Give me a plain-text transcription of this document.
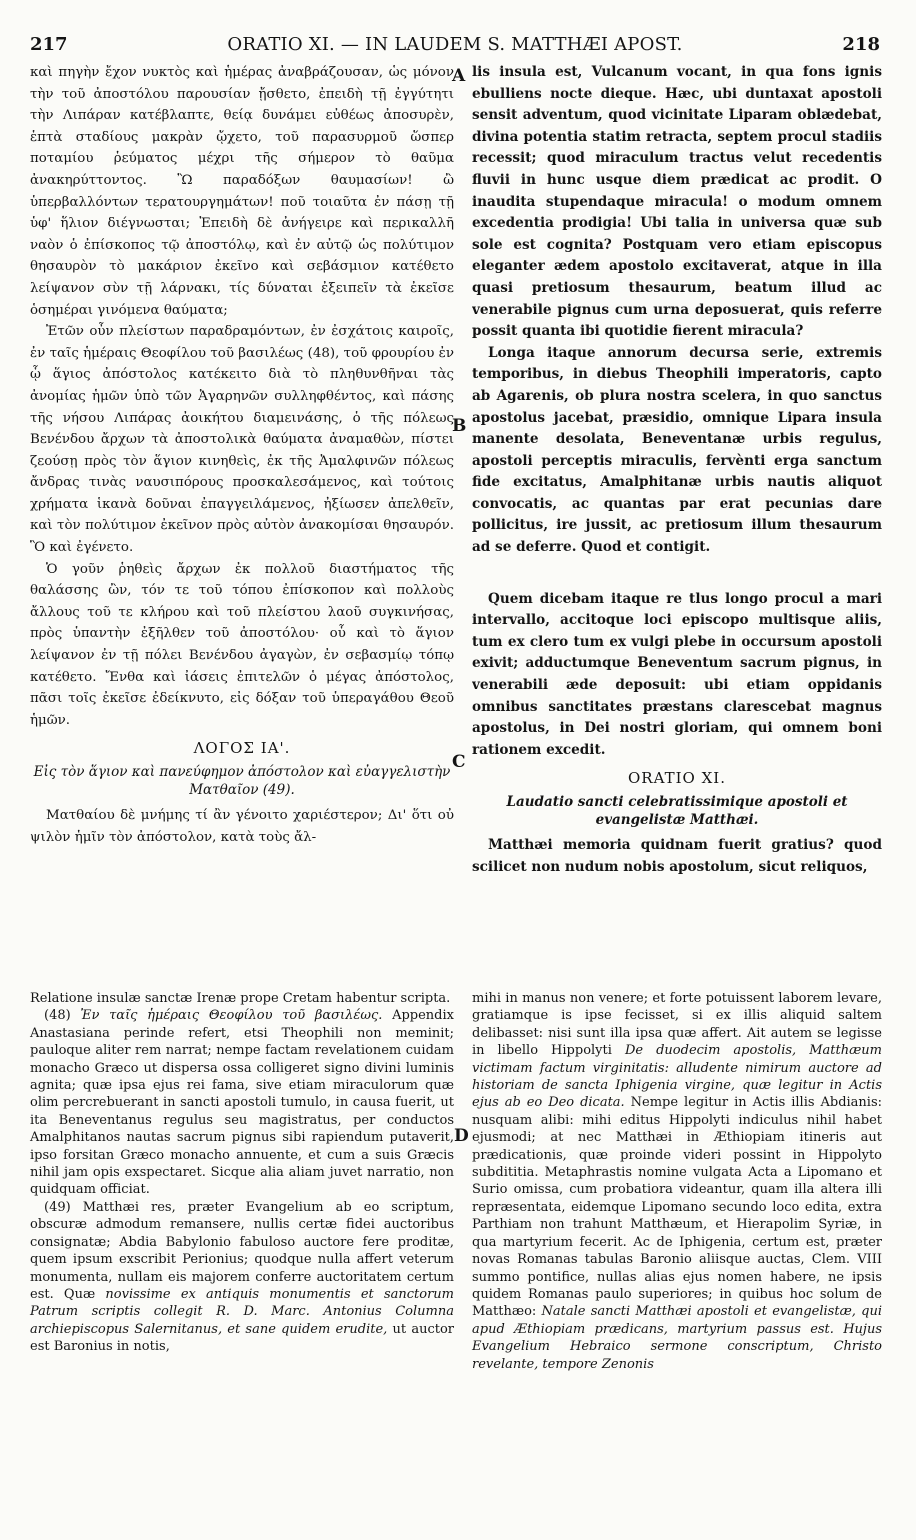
217	ORATIO XI. — IN LAUDEM S. MATTHÆI APOST.	218
A
B
C
D

καὶ πηγὴν ἔχον νυκτὸς καὶ ἡμέρας ἀναβράζουσαν, ὡς μόνον τὴν τοῦ ἀποστόλου παρουσίαν ᾔσθετο, ἐπειδὴ τῇ ἐγγύτητι τὴν Λιπάραν κατέβλαπτε, θείᾳ δυνάμει εὐθέως ἀποσυρὲν, ἑπτὰ σταδίους μακρὰν ᾤχετο, τοῦ παρασυρμοῦ ὥσπερ ποταμίου ῥεύματος μέχρι τῆς σήμερον τὸ θαῦμα ἀνακηρύττοντος. Ὢ παραδόξων θαυμασίων! ὢ ὑπερβαλλόντων τερατουργημάτων! ποῦ τοιαῦτα ἐν πάσῃ τῇ ὑφ' ἥλιον διέγνωσται; Ἐπειδὴ δὲ ἀνήγειρε καὶ περικαλλῆ ναὸν ὁ ἐπίσκοπος τῷ ἀποστόλῳ, καὶ ἐν αὐτῷ ὡς πολύτιμον θησαυρὸν τὸ μακάριον ἐκεῖνο καὶ σεβάσμιον κατέθετο λείψανον σὺν τῇ λάρνακι, τίς δύναται ἐξειπεῖν τὰ ἐκεῖσε ὁσημέραι γινόμενα θαύματα;

Ἐτῶν οὖν πλείστων παραδραμόντων, ἐν ἐσχάτοις καιροῖς, ἐν ταῖς ἡμέραις Θεοφίλου τοῦ βασιλέως (48), τοῦ φρουρίου ἐν ᾧ ἅγιος ἀπόστολος κατέκειτο διὰ τὸ πληθυνθῆναι τὰς ἀνομίας ἡμῶν ὑπὸ τῶν Ἀγαρηνῶν συλληφθέντος, καὶ πάσης τῆς νήσου Λιπάρας ἀοικήτου διαμεινάσης, ὁ τῆς πόλεως Βενένδου ἄρχων τὰ ἀποστολικὰ θαύματα ἀναμαθὼν, πίστει ζεούσῃ πρὸς τὸν ἅγιον κινηθεὶς, ἐκ τῆς Ἀμαλφινῶν πόλεως ἄνδρας τινὰς ναυσιπόρους προσκαλεσάμενος, καὶ τούτοις χρήματα ἱκανὰ δοῦναι ἐπαγγειλάμενος, ἠξίωσεν ἀπελθεῖν, καὶ τὸν πολύτιμον ἐκεῖνον πρὸς αὐτὸν ἀνακομίσαι θησαυρόν. Ὃ καὶ ἐγένετο.

Ὁ γοῦν ῥηθεὶς ἄρχων ἐκ πολλοῦ διαστήματος τῆς θαλάσσης ὢν, τόν τε τοῦ τόπου ἐπίσκοπον καὶ πολλοὺς ἄλλους τοῦ τε κλήρου καὶ τοῦ πλείστου λαοῦ συγκινήσας, πρὸς ὑπαντὴν ἐξῆλθεν τοῦ ἀποστόλου· οὗ καὶ τὸ ἅγιον λείψανον ἐν τῇ πόλει Βενένδου ἀγαγὼν, ἐν σεβασμίῳ τόπῳ κατέθετο. Ἔνθα καὶ ἰάσεις ἐπιτελῶν ὁ μέγας ἀπόστολος, πᾶσι τοῖς ἐκεῖσε ἐδείκνυτο, εἰς δόξαν τοῦ ὑπεραγάθου Θεοῦ ἡμῶν.

ΛΟΓΟΣ ΙΑ'.
Εἰς τὸν ἅγιον καὶ πανεύφημον ἀπόστολον καὶ εὐαγγελιστὴν Ματθαῖον (49).

Ματθαίου δὲ μνήμης τί ἂν γένοιτο χαριέστερον; Δι' ὅτι οὐ ψιλὸν ἡμῖν τὸν ἀπόστολον, κατὰ τοὺς ἄλ-

lis insula est, Vulcanum vocant, in qua fons ignis ebulliens nocte dieque. Hæc, ubi duntaxat apostoli sensit adventum, quod vicinitate Liparam oblædebat, divina potentia statim retracta, septem procul stadiis recessit; quod miraculum tractus velut recedentis fluvii in hunc usque diem prædicat ac prodit. O inaudita stupendaque miracula! o modum omnem excedentia prodigia! Ubi talia in universa quæ sub sole est cognita? Postquam vero etiam episcopus eleganter ædem apostolo excitaverat, atque in illa quasi pretiosum thesaurum, beatum illud ac venerabile pignus cum urna deposuerat, quis referre possit quanta ibi quotidie fierent miracula?

Longa itaque annorum decursa serie, extremis temporibus, in diebus Theophili imperatoris, capto ab Agarenis, ob plura nostra scelera, in quo sanctus apostolus jacebat, præsidio, omnique Lipara insula manente desolata, Beneventanæ urbis regulus, apostoli perceptis miraculis, fervènti erga sanctum fide excitatus, Amalphitanæ urbis nautis aliquot convocatis, ac quantas par erat pecunias dare pollicitus, ire jussit, ac pretiosum illum thesaurum ad se deferre. Quod et contigit.

Quem dicebam itaque re tlus longo procul a mari intervallo, accitoque loci episcopo multisque aliis, tum ex clero tum ex vulgi plebe in occursum apostoli exivit; adductumque Beneventum sacrum pignus, in venerabili æde deposuit: ubi etiam oppidanis omnibus sanctitates præstans clarescebat magnus apostolus, in Dei nostri gloriam, qui omnem boni rationem excedit.

ORATIO XI.
Laudatio sancti celebratissimique apostoli et evangelistæ Matthæi.

Matthæi memoria quidnam fuerit gratius? quod scilicet non nudum nobis apostolum, sicut reliquos,

Relatione insulæ sanctæ Irenæ prope Cretam habentur scripta.

(48) Ἐν ταῖς ἡμέραις Θεοφίλου τοῦ βασιλέως. Appendix Anastasiana perinde refert, etsi Theophili non meminit; pauloque aliter rem narrat; nempe factam revelationem cuidam monacho Græco ut dispersa ossa colligeret signo divini luminis agnita; quæ ipsa ejus rei fama, sive etiam miraculorum quæ olim percrebuerant in sancti apostoli tumulo, in causa fuerit, ut ita Beneventanus regulus seu magistratus, per conductos Amalphitanos nautas sacrum pignus sibi rapiendum putaverit, ipso forsitan Græco monacho annuente, et cum a suis Græcis nihil jam opis exspectaret. Sicque alia aliam juvet narratio, non quidquam officiat.

(49) Matthæi res, præter Evangelium ab eo scriptum, obscuræ admodum remansere, nullis certæ fidei auctoribus consignatæ; Abdia Babylonio fabuloso auctore fere proditæ, quem ipsum exscribit Perionius; quodque nulla affert veterum monumenta, nullam eis majorem conferre auctoritatem certum est. Quæ novissime ex antiquis monumentis et sanctorum Patrum scriptis collegit R. D. Marc. Antonius Columna archiepiscopus Salernitanus, et sane quidem erudite, ut auctor est Baronius in notis,

mihi in manus non venere; et forte potuissent laborem levare, gratiamque is ipse fecisset, si ex illis aliquid saltem delibasset: nisi sunt illa ipsa quæ affert. Ait autem se legisse in libello Hippolyti De duodecim apostolis, Matthæum victimam factum virginitatis: alludente nimirum auctore ad historiam de sancta Iphigenia virgine, quæ legitur in Actis ejus ab eo Deo dicata. Nempe legitur in Actis illis Abdianis: nusquam alibi: mihi editus Hippolyti indiculus nihil habet ejusmodi; at nec Matthæi in Æthiopiam itineris aut prædicationis, quæ proinde videri possint in Hippolyto subdititia. Metaphrastis nomine vulgata Acta a Lipomano et Surio omissa, cum probatiora videantur, quam illa altera illi repræsentata, eidemque Lipomano secundo loco edita, extra Parthiam non trahunt Matthæum, et Hierapolim Syriæ, in qua martyrium fecerit. Ac de Iphigenia, certum est, præter novas Romanas tabulas Baronio aliisque auctas, Clem. VIII summo pontifice, nullas alias ejus nomen habere, ne ipsis quidem Romanas paulo superiores; in quibus hoc solum de Matthæo: Natale sancti Matthæi apostoli et evangelistæ, qui apud Æthiopiam prædicans, martyrium passus est. Hujus Evangelium Hebraico sermone conscriptum, Christo revelante, tempore Zenonis
